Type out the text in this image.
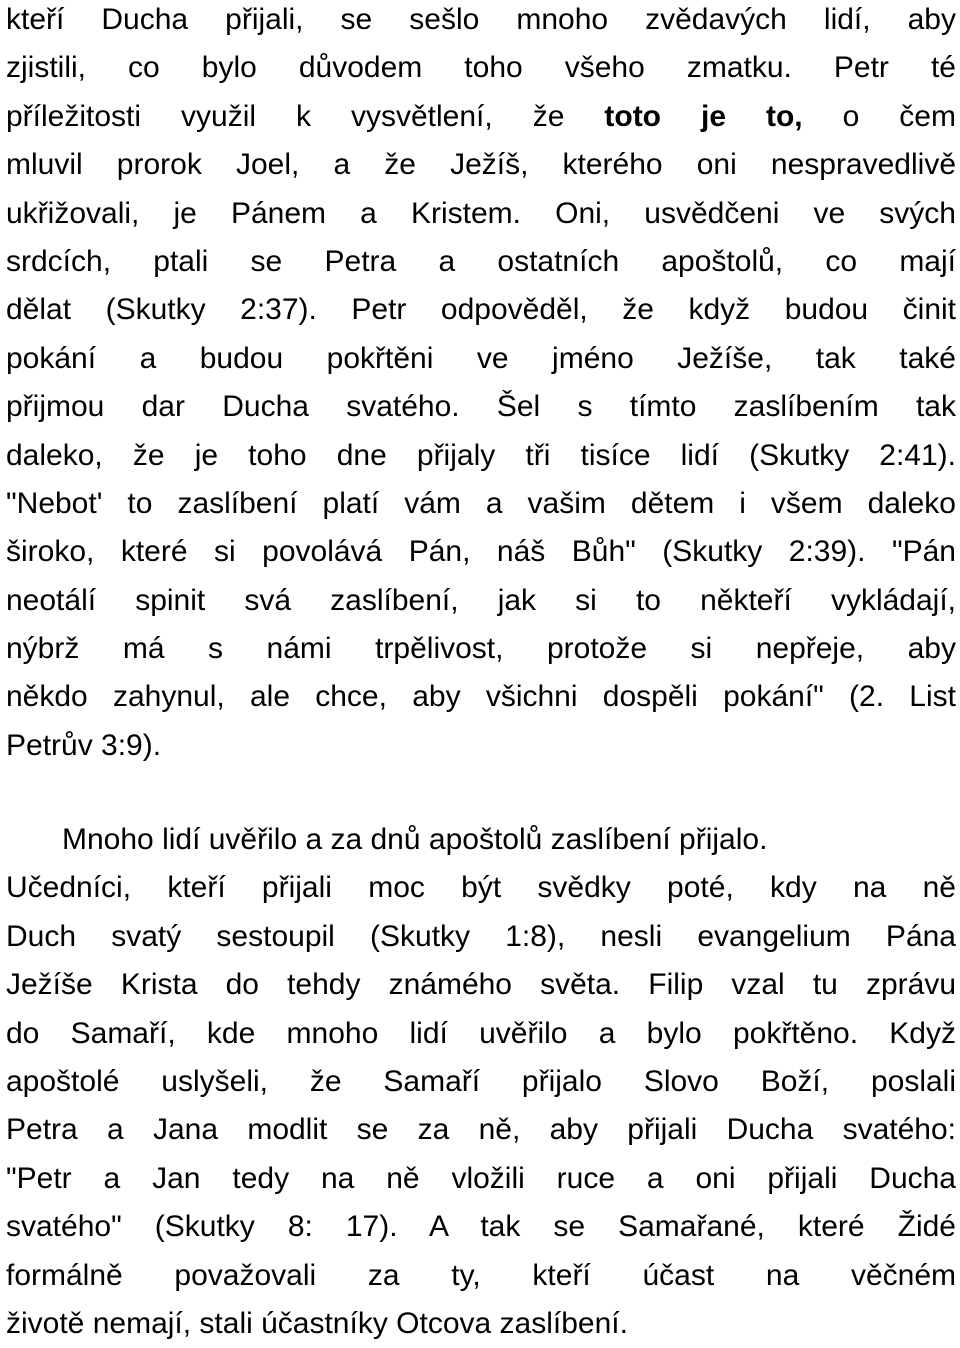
kteří Ducha přijali, se sešlo mnoho zvědavých lidí, aby
zjistili, co bylo důvodem toho všeho zmatku. Petr té
příležitosti využil k vysvětlení, že toto je to, o čem
mluvil prorok Joel, a že Ježíš, kterého oni nespravedlivě
ukřižovali, je Pánem a Kristem. Oni, usvědčeni ve svých
srdcích, ptali se Petra a ostatních apoštolů, co mají
dělat (Skutky 2:37). Petr odpověděl, že když budou činit
pokání a budou pokřtěni ve jméno Ježíše, tak také
přijmou dar Ducha svatého. Šel s tímto zaslíbením tak
daleko, že je toho dne přijaly tři tisíce lidí (Skutky 2:41).
"Nebot' to zaslíbení platí vám a vašim dětem i všem daleko
široko, které si povolává Pán, náš Bůh" (Skutky 2:39). "Pán
neotálí spinit svá zaslíbení, jak si to někteří vykládají,
nýbrž má s námi trpělivost, protože si nepřeje, aby
někdo zahynul, ale chce, aby všichni dospěli pokání" (2. List
Petrův 3:9).
Mnoho lidí uvěřilo a za dnů apoštolů zaslíbení přijalo.
Učedníci, kteří přijali moc být svědky poté, kdy na ně
Duch svatý sestoupil (Skutky 1:8), nesli evangelium Pána
Ježíše Krista do tehdy známého světa. Filip vzal tu zprávu
do Samaří, kde mnoho lidí uvěřilo a bylo pokřtěno. Když
apoštolé uslyšeli, že Samaří přijalo Slovo Boží, poslali
Petra a Jana modlit se za ně, aby přijali Ducha svatého:
"Petr a Jan tedy na ně vložili ruce a oni přijali Ducha
svatého" (Skutky 8: 17). A tak se Samařané, které Židé
formálně považovali za ty, kteří účast na věčném
životě nemají, stali účastníky Otcova zaslíbení.
